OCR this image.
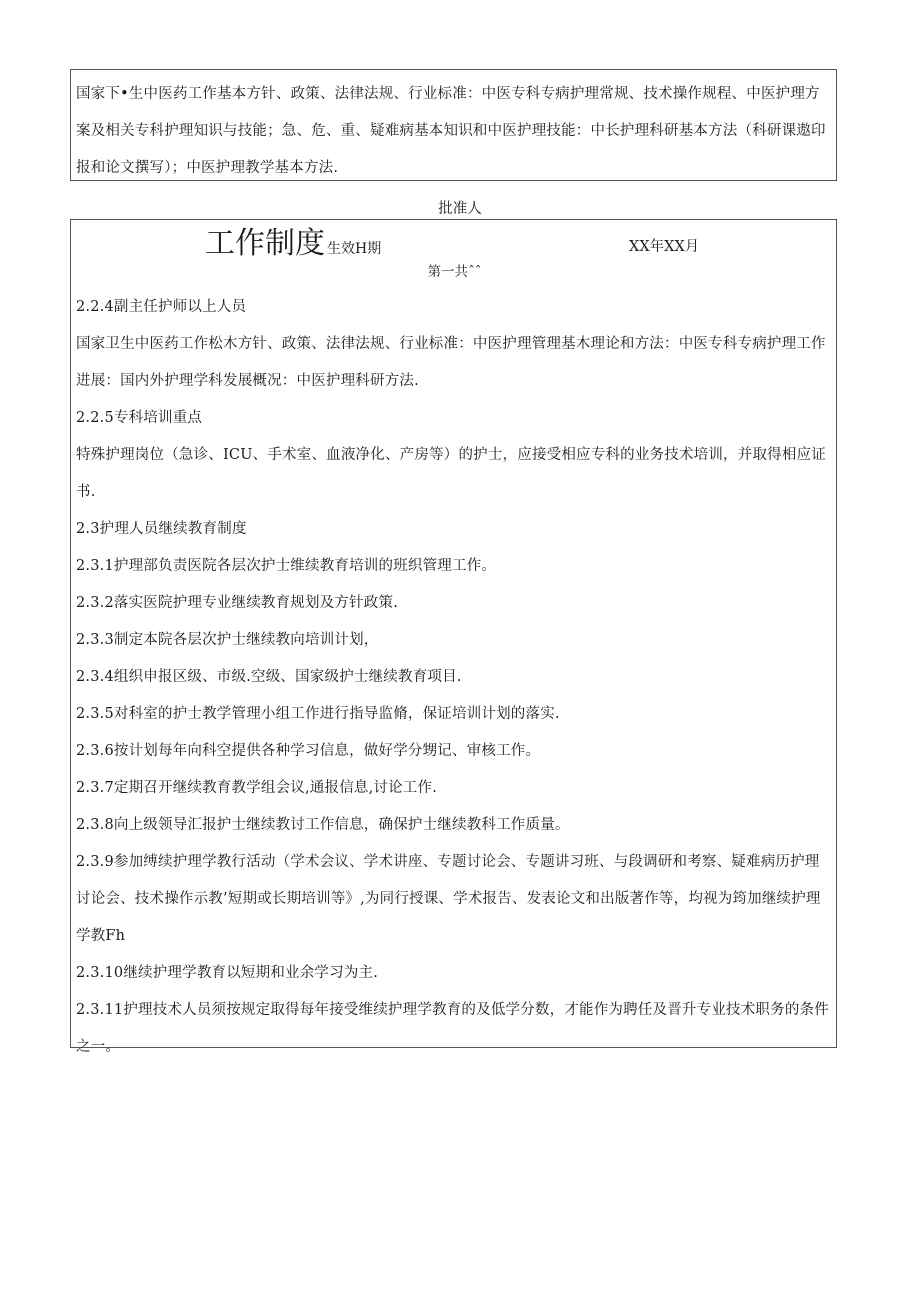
国家下•生中医药工作基本方针、政策、法律法规、行业标准：中医专科专病护理常规、技术操作规程、中医护理方案及相关专科护理知识与技能；急、危、重、疑难病基本知识和中医护理技能：中长护理科研基本方法（科研课遨印报和论文撰写）；中医护理教学基本方法.

批准人

工作制度 生效H期	XX年XX月

第一共ˆˆ

2.2.4副主任护师以上人员

国家卫生中医药工作松木方针、政策、法律法规、行业标准：中医护理管理基木理论和方法：中医专科专病护理工作进展：国内外护理学科发展概况：中医护理科研方法.

2.2.5专科培训重点

特殊护理岗位（急诊、ICU、手术室、血液净化、产房等）的护士，应接受相应专科的业务技术培训，并取得相应证书.

2.3护理人员继续教育制度

2.3.1护理部负责医院各层次护士维续教育培训的班织管理工作。

2.3.2落实医院护理专业继续教育规划及方针政策.

2.3.3制定本院各层次护士继续教向培训计划，

2.3.4组织申报区级、市级.空级、国家级护士继续教育项目.

2.3.5对科室的护士教学管理小组工作进行指导监脩，保证培训计划的落实.

2.3.6按计划每年向科空提供各种学习信息，做好学分甥记、审核工作。

2.3.7定期召开继续教育教学组会议,通报信息,讨论工作.

2.3.8向上级领导汇报护士继续教讨工作信息，确保护士继续教科工作质量。

2.3.9参加缚续护理学教行活动（学术会议、学术讲座、专题讨论会、专题讲习班、与段调研和考察、疑难病历护理讨论会、技术操作示教’短期或长期培训等》,为同行授课、学术报告、发表论文和出版著作等，均视为筠加继续护理学教Fh

2.3.10继续护理学教育以短期和业余学习为主.

2.3.11护理技术人员须按规定取得每年接受维续护理学教育的及低学分数，才能作为聘任及晋升专业技术职务的条件之一。
